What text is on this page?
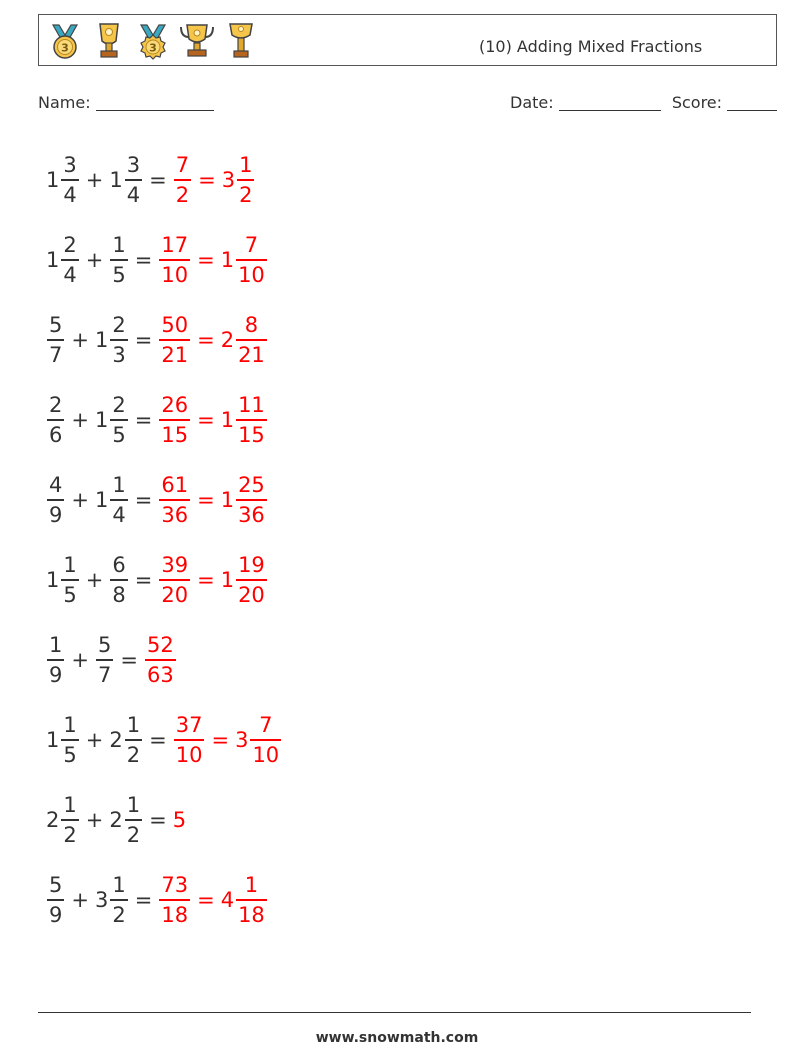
3	3	(10) Adding Mixed Fractions
Name:	Date:	Score:
$1 \frac{3}{4} + 1 \frac{3}{4} = \frac{7}{2} = 3 \frac{1}{2}$
$1 \frac{2}{4} + \frac{1}{5} = \frac{17}{10} = 1 \frac{7}{10}$
$\frac{5}{7} + 1 \frac{2}{3} = \frac{50}{21} = 2 \frac{8}{21}$
$\frac{2}{6} + 1 \frac{2}{5} = \frac{26}{15} = 1 \frac{11}{15}$
$\frac{4}{9} + 1 \frac{1}{4} = \frac{61}{36} = 1 \frac{25}{36}$
$1 \frac{1}{5} + \frac{6}{8} = \frac{39}{20} = 1 \frac{19}{20}$
$\frac{1}{9} + \frac{5}{7} = \frac{52}{63}$
$1 \frac{1}{5} + 2 \frac{1}{2} = \frac{37}{10} = 3 \frac{7}{10}$
$2 \frac{1}{2} + 2 \frac{1}{2} = 5$
$\frac{5}{9} + 3 \frac{1}{2} = \frac{73}{18} = 4 \frac{1}{18}$
www.snowmath.com
